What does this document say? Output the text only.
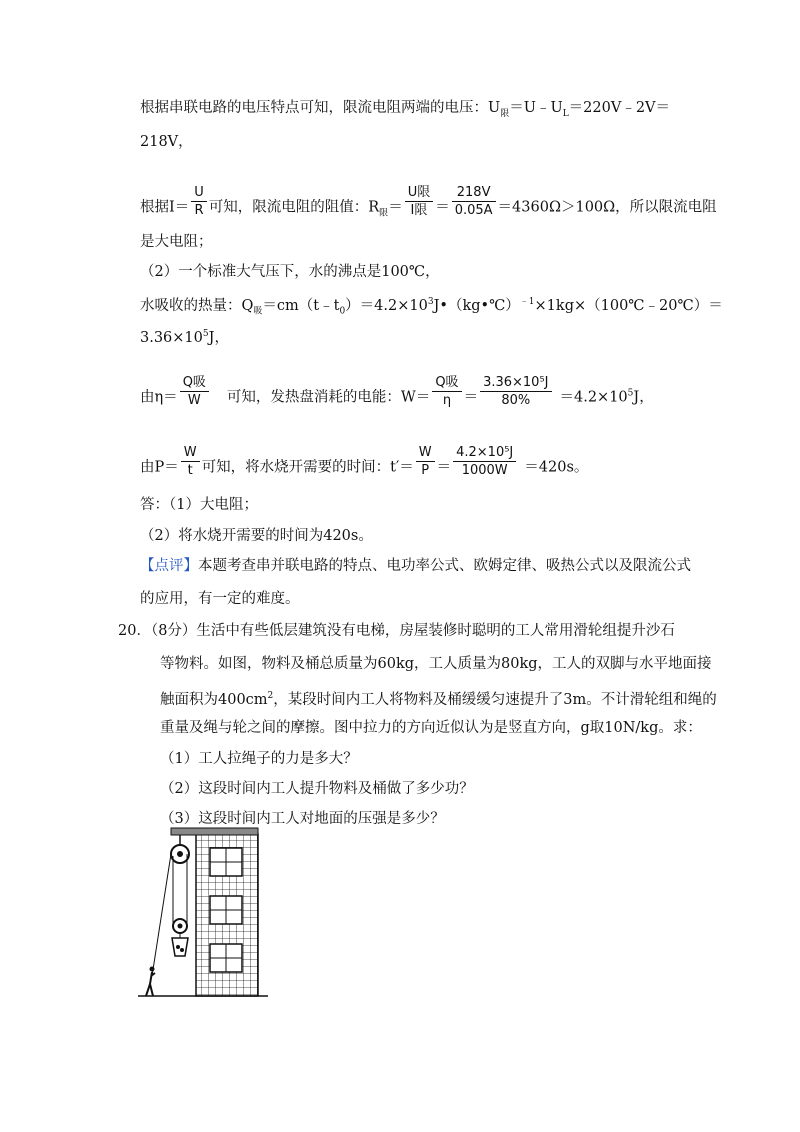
根据串联电路的电压特点可知，限流电阻两端的电压：$U_限=U﹣U_L=220V﹣2V=$
218V，
根据$I= \frac{U}{R}$ 可知，限流电阻的阻值：$R_限= \frac{\text{U限}}{\text{I限}} = \frac{218V}{0.05A} =4360\Omega>100\Omega$，所以限流电阻
是大电阻；
（2）一个标准大气压下，水的沸点是100℃，
水吸收的热量：$Q_吸=cm(t﹣t_0)=4.2\times 10^3J•(kg•℃)^{﹣1}\times 1kg\times(100℃﹣20℃)=$
$3.36\times 10^5J$，
由$\eta= \frac{\text{Q吸}}{W}$ 可知，发热盘消耗的电能：$W= \frac{\text{Q吸}}{\eta} = \frac{\text{3.36×10⁵J}}{80\%} =4.2\times 10^5J$，
由$P= \frac{W}{t}$ 可知，将水烧开需要的时间：$t'= \frac{W}{P} = \frac{\text{4.2×10⁵J}}{1000W} =420s$。
答：（1）大电阻；
（2）将水烧开需要的时间为420s。
【点评】本题考查串并联电路的特点、电功率公式、欧姆定律、吸热公式以及限流公式
的应用，有一定的难度。
20．（8分）生活中有些低层建筑没有电梯，房屋装修时聪明的工人常用滑轮组提升沙石
等物料。如图，物料及桶总质量为60kg，工人质量为80kg，工人的双脚与水平地面接
触面积为$400cm^2$，某段时间内工人将物料及桶缓缓匀速提升了3m。不计滑轮组和绳的
重量及绳与轮之间的摩擦。图中拉力的方向近似认为是竖直方向，g取10N/kg。求：
（1）工人拉绳子的力是多大？
（2）这段时间内工人提升物料及桶做了多少功？
（3）这段时间内工人对地面的压强是多少？
